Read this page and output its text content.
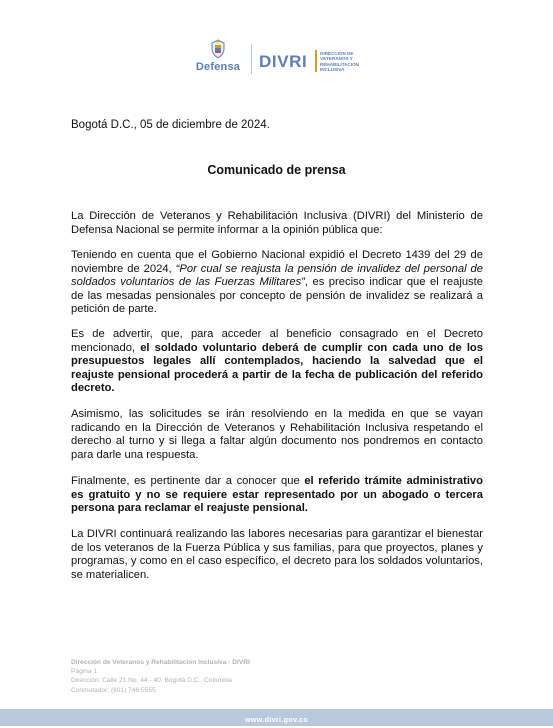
Defensa	DIVRI	DIRECCIÓN DE
VETERANOS Y
REHABILITACIÓN
INCLUSIVA
Bogotá D.C., 05 de diciembre de 2024.
Comunicado de prensa

La Dirección de Veteranos y Rehabilitación Inclusiva (DIVRI) del Ministerio de Defensa Nacional se permite informar a la opinión pública que:

Teniendo en cuenta que el Gobierno Nacional expidió el Decreto 1439 del 29 de noviembre de 2024, “Por cual se reajusta la pensión de invalidez del personal de soldados voluntarios de las Fuerzas Militares”, es preciso indicar que el reajuste de las mesadas pensionales por concepto de pensión de invalidez se realizará a petición de parte.

Es de advertir, que, para acceder al beneficio consagrado en el Decreto mencionado, el soldado voluntario deberá de cumplir con cada uno de los presupuestos legales allí contemplados, haciendo la salvedad que el reajuste pensional procederá a partir de la fecha de publicación del referido decreto.

Asimismo, las solicitudes se irán resolviendo en la medida en que se vayan radicando en la Dirección de Veteranos y Rehabilitación Inclusiva respetando el derecho al turno y si llega a faltar algún documento nos pondremos en contacto para darle una respuesta.

Finalmente, es pertinente dar a conocer que el referido trámite administrativo es gratuito y no se requiere estar representado por un abogado o tercera persona para reclamar el reajuste pensional.

La DIVRI continuará realizando las labores necesarias para garantizar el bienestar de los veteranos de la Fuerza Pública y sus familias, para que proyectos, planes y programas, y como en el caso específico, el decreto para los soldados voluntarios, se materialicen.

Dirección de Veteranos y Rehabilitación Inclusiva - DIVRI
Página 1
Dirección: Calle 21 No. 44 - 40, Bogotá D.C., Colombia
Conmutador: (601) 746 5555
www.divri.gov.co
